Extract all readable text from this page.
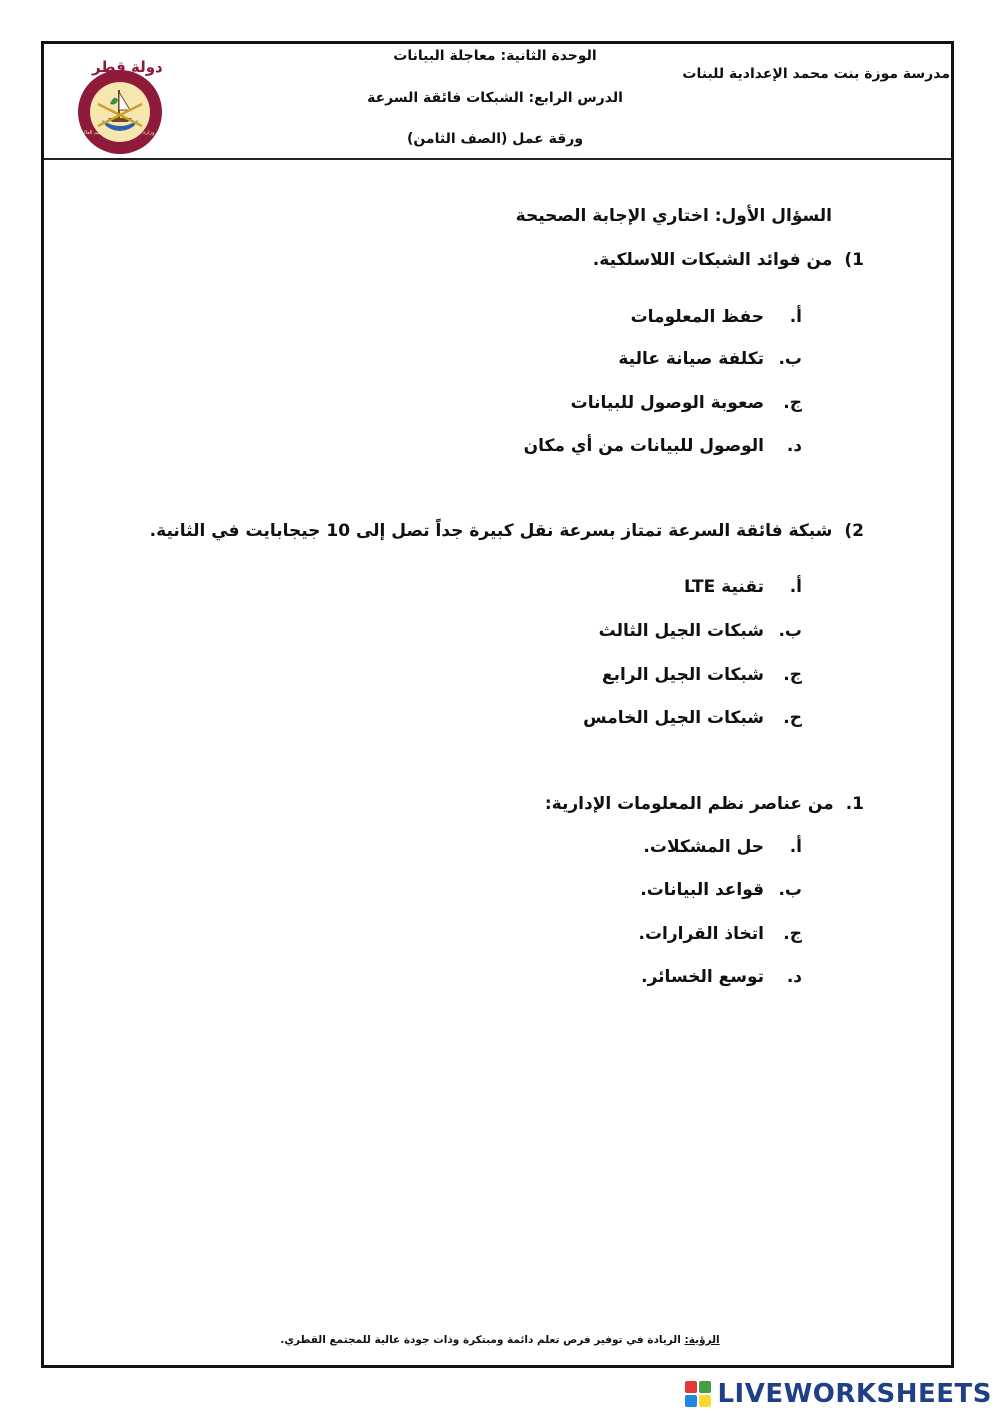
مدرسة موزة بنت محمد الإعدادية للبنات
الوحدة الثانية: معاجلة البيانات
الدرس الرابع: الشبكات فائقة السرعة
ورقة عمل (الصف الثامن)
دولة قطر
وزارة التربية والتعليم والتعليم العالي
السؤال الأول: اختاري الإجابة الصحيحة
1)من فوائد الشبكات اللاسلكية.
أ.حفظ المعلومات
ب.تكلفة صيانة عالية
ج.صعوبة الوصول للبيانات
د.الوصول للبيانات من أي مكان
2)شبكة فائقة السرعة تمتاز بسرعة نقل كبيرة جداً تصل إلى 10 جيجابايت في الثانية.
أ.تقنية LTE
ب.شبكات الجيل الثالث
ج.شبكات الجيل الرابع
ح.شبكات الجيل الخامس
1.من عناصر نظم المعلومات الإدارية:
أ.حل المشكلات.
ب.قواعد البيانات.
ج.اتخاذ القرارات.
د.توسع الخسائر.
الرؤية: الريادة في توفير فرص تعلم دائمة ومبتكرة وذات جودة عالية للمجتمع القطري.
LIVEWORKSHEETS
